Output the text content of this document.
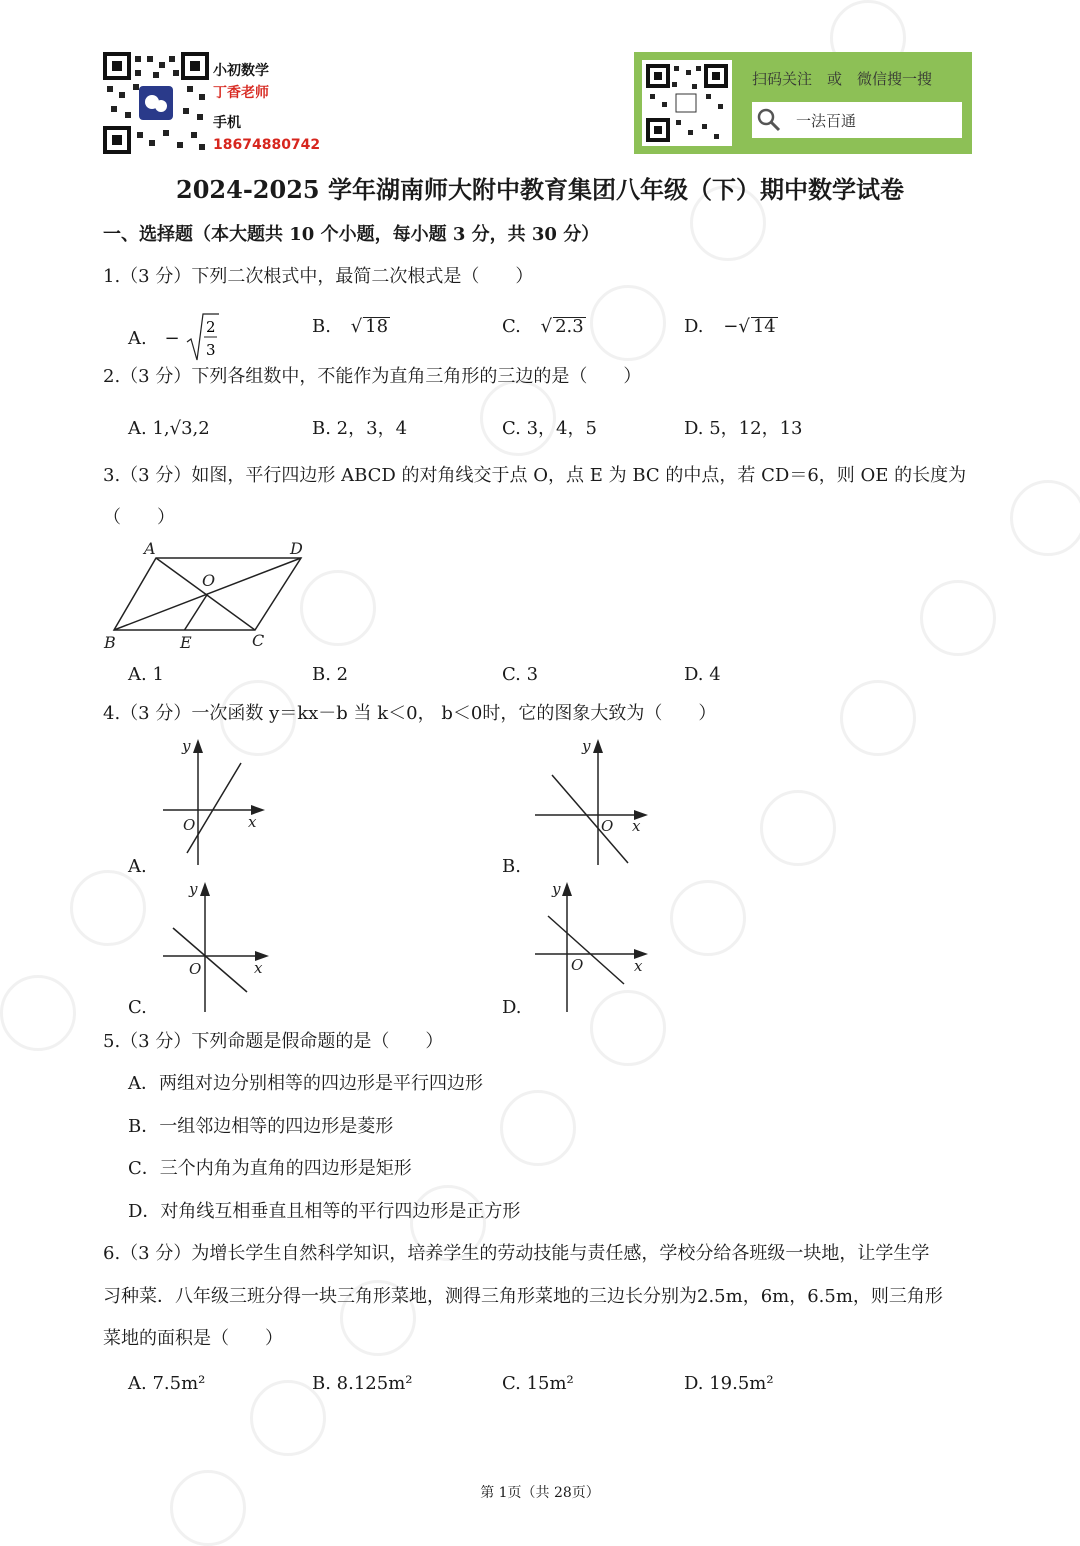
小初数学
丁香老师
手机
18674880742
扫码关注　或　微信搜一搜
一法百通
2024-2025 学年湖南师大附中教育集团八年级（下）期中数学试卷
一、选择题（本大题共 10 个小题，每小题 3 分，共 30 分）
1.（3 分）下列二次根式中，最简二次根式是（　　）
A. −
2
3
B. √ 18	C. √ 2.3	D. −√ 14
2.（3 分）下列各组数中，不能作为直角三角形的三边的是（　　）
A. 1,√3,2	B. 2，3，4	C. 3，4，5	D. 5，12，13
3.（3 分）如图，平行四边形 ABCD 的对角线交于点 O，点 E 为 BC 的中点，若 CD＝6，则 OE 的长度为
（　　）
A	D
O
B	E	C
A. 1	B. 2	C. 3	D. 4
4.（3 分）一次函数 y＝kx－b 当 k＜0， b＜0时，它的图象大致为（　　）
y
x
O
A.
y
x
O
B.
y
x
O
C.
y
x
O
D.
5.（3 分）下列命题是假命题的是（　　）
A．两组对边分别相等的四边形是平行四边形
B．一组邻边相等的四边形是菱形
C．三个内角为直角的四边形是矩形
D．对角线互相垂直且相等的平行四边形是正方形
6.（3 分）为增长学生自然科学知识，培养学生的劳动技能与责任感，学校分给各班级一块地，让学生学
习种菜．八年级三班分得一块三角形菜地，测得三角形菜地的三边长分别为2.5m，6m，6.5m，则三角形
菜地的面积是（　　）
A. 7.5m²	B. 8.125m²	C. 15m²	D. 19.5m²
第 1页（共 28页）
